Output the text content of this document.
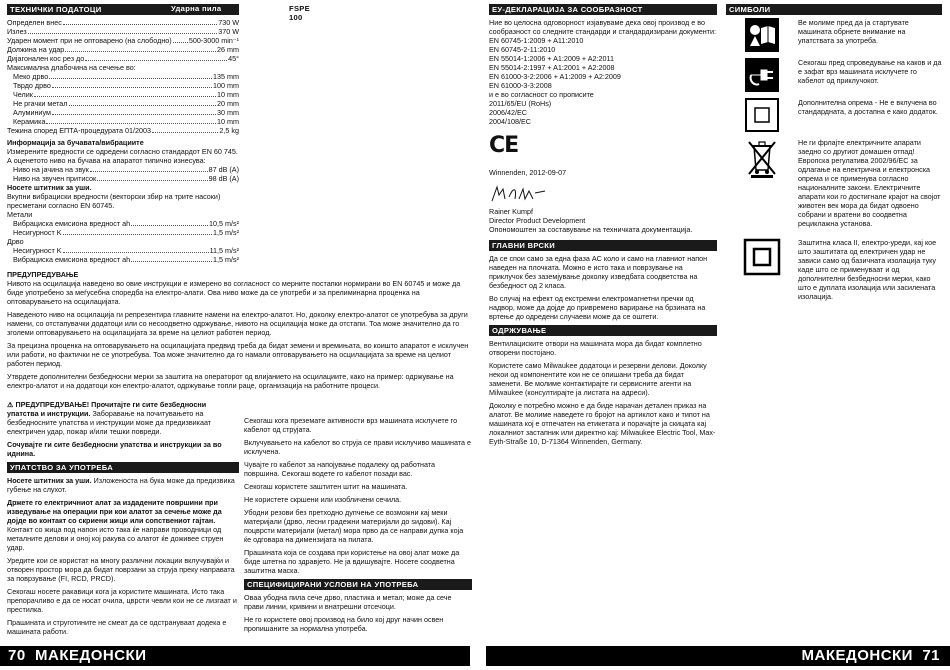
ТЕХНИЧКИ ПОДАТОЦИ	Ударна пила	FSPE 100
Определен внес	730 W
Излез	370 W
Ударен момент при не оптоварено (на слободно) 500-3000 min⁻¹
Должина на удар	26 mm
Дијагонален кос рез до	45°
Максимална длабочина на сечење во:
Меко дрво	135 mm
Тврдо дрво	100 mm
Челик	10 mm
Не ргачки метал	20 mm
Алуминиум	30 mm
Керамика	10 mm
Тежина според ЕПТА-процедурата 01/2003	2,5 kg
Информација за бучавата/вибрациите
Измерените вредности се одредени согласно стандардот EN 60 745.
А оценетото ниво на бучава на апаратот типично изнесува:
Ниво на јачина на звук	87 dB (A)
Ниво на звучен притисок	98 dB (A)
Носете штитник за уши.
Вкупни вибрациски вредности (векторски збир на трите насоки) пресметани согласно EN 60745.
Метали
Вибрациска емисиона вредност ah	10,5 m/s²
Несигурност K	1,5 m/s²
Дрво
Несигурност K	11,5 m/s²
Вибрациска емисиона вредност ah	1,5 m/s²
ПРЕДУПРЕДУВАЊЕ

Нивото на осцилација наведено во овие инструкции е измерено во согласност со мерните постапки нормирани во EN 60745 и може да биде употребено за меѓусебна споредба на електро-алати. Ова ниво може да се употреби и за прелиминарна проценка на оптоварувањето на осцилацијата.

Наведеното ниво на осцилација ги репрезентира главните намени на електро-алатот. Но, доколку електро-алатот се употребува за други намени, со отстапувачки додатоци или со несоодветно одржување, нивото на осцилација може да отстапи. Тоа може значително да го зголеми оптоварувањето на осцилацијата за време на целиот работен период.

За прецизна проценка на оптоварувањето на осцилацијата предвид треба да бидат земени и времињата, во коишто апаратот е исклучен или работи, но фактички не се употребува. Тоа може значително да го намали оптоварувањето на осцилацијата за време на целиот работен период.

Утврдете дополнителни безбедносни мерки за заштита на операторот од влијанието на осцилациите, како на пример: одржување на електро-алатот и на додатоци кон електро-алатот, одржување топли раце, организација на работните процеси.

⚠ ПРЕДУПРЕДУВАЊЕ! Прочитајте ги сите безбедносни упатства и инструкции. Заборавање на почитувањето на безбедносните упатства и инструкции може да предизвикаат електричен удар, пожар и/или тешки повреди.

Сочувајте ги сите безбедносни упатства и инструкции за во иднина.

УПАТСТВО ЗА УПОТРЕБА

Носете штитник за уши. Изложеноста на бука може да предизвика губење на слухот.

Држете го електричниот алат за издадените површини при изведување на операции при кои алатот за сечење може да дојде во контакт со скриени жици или сопствениот гајтан. Контакт со жица под напон исто така ќе направи проводници од металните делови и оној кој ракува со алатот ќе доживее струен удар.

Уредите кои се користат на многу различни локации вклучувајќи и отворен простор мора да бидат поврзани за струја преку направата за поврзување (FI, RCD, PRCD).

Секогаш носете ракавици кога ја користите машината. Исто така препорачливо е да се носат очила, цврсти чевли кои не се лизгаат и престилка.

Прашината и струготините не смеат да се одстрануваат додека е машината работи.

Секогаш кога презeмате активности врз машината исклучете го кабелот од струјата.

Вклучувањето на кабелот во струја се прави исклучиво машината е исклучена.

Чувајте го кабелот за напојување подалеку од работната површина. Секогаш водете го кабелот позади вас.

Секогаш користете заштитен штит на машината.

Не користете скршени или изобличени сечила.

Убодни резови без претходно дупчење се возможни кај меки материјали (дрво, лесни градежни материјали до ѕидови). Кај поцврсти материјали (метал) мора прво да се направи дупка која ќе одговара на димензијата на пилата.

Прашината која се создава при користење на овој алат може да биде штетна по здравјето. Не ја вдишувајте. Носете соодветна заштитна маска.

СПЕЦИФИЦИРАНИ УСЛОВИ НА УПОТРЕБА

Оваа убодна пила сече дрво, пластика и метал; може да сече прави линии, кривини и внатрешни отсечоци.

Не го користете овој производ на било кој друг начин освен пропишаните за нормална употреба.

ЕУ-ДЕКЛАРАЦИЈА ЗА СООБРАЗНОСТ
Ние во целосна одговорност изјавуваме дека овој производ е во сообразност со следните стандарди и стандардизирани документи:
EN 60745-1:2009 + A11:2010
EN 60745-2-11:2010
EN 55014-1:2006 + A1:2009 + A2:2011
EN 55014-2:1997 + A1:2001 + A2:2008
EN 61000-3-2:2006 + A1:2009 + A2:2009
EN 61000-3-3:2008
и е во согласност со прописите
2011/65/EU (RoHs)
2006/42/EC
2004/108/EC
CE
Winnenden, 2012-09-07
Rainer Kumpf
Director Product Development
Опономоштен за составување на техничката документација.
ГЛАВНИ ВРСКИ

Да се спои само за една фаза AC коло и само на главниот напон наведен на плочката. Можно е исто така и поврзување на приклучок без заземјување доколку изведбата соодветства на безбедност од 2 класа.

Во случај на ефект од екстремни електромагнетни пречки од надвор, може да дојде до привремено варирање на брзината на вртење до одредени случаеви може да се оштети.

ОДРЖУВАЊЕ

Вентилациските отвори на машината мора да бидат комплетно отворени постојано.

Користете само Milwaukee додатоци и резервни делови. Доколку некои од компонентите кои не се опишани треба да бидат заменети. Ве молиме контактирајте ги сервисните агенти на Milwaukee (консултирајте ја листата на адреси).

Доколку е потребно можно е да биде нарачан детален приказ на алатот. Ве молиме наведете го бројот на артиклот како и типот на машината кој е отпечатен на етикетата и порачајте ја скицата кај локалниот застапник или директно кај: Milwaukee Electric Tool, Max-Eyth-Straße 10, D-71364 Winnenden, Germany.

СИМБОЛИ
Ве молиме пред да ја стартувате машината обрнете внимание на упатствата за употреба.
Секогаш пред спроведување на каков и да е зафат врз машината исклучете го кабелот од приклучокот.
Дополнителна опрема - Не е вклучена во стандардната, а достапна е како додаток.
Не ги фрлајте електричните апарати заедно со другиот домашен отпад! Европска регулатива 2002/96/ЕС за одлагање на електрична и електронска опрема и се применува согласно националните закони. Електричните апарати кои го достигнале крајот на својот животен век мора да бидат одвоено собрани и вратени во соодветна рециклажна установа.
Заштитна класа II, електро-уреди, кај кое што заштитата од електричен удар не зависи само од базичната изолација туку каде што се применуваат и од дополнителни безбедносни мерки, како што е дуплата изолација или засилената изолација.
70 МАКЕДОНСКИ	МАКЕДОНСКИ 71
